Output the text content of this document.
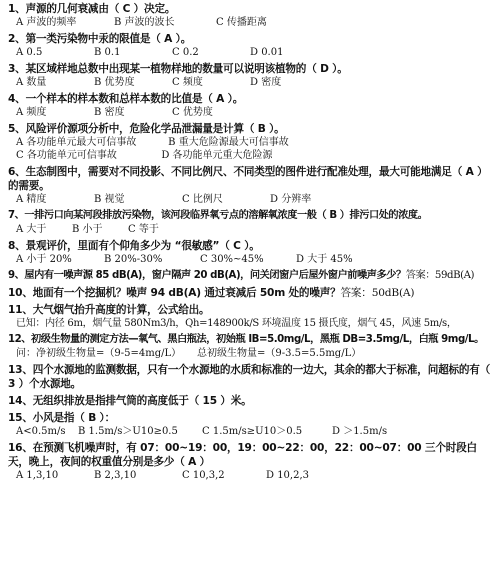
1、声源的几何衰减由（ C ）决定。
A 声波的频率	B 声波的波长	C 传播距离
2、第一类污染物中汞的限值是（ A ）。
A 0.5	B 0.1	C 0.2	D 0.01
3、某区域样地总数中出现某一植物样地的数量可以说明该植物的（ D ）。
A 数量	B 优势度	C 频度	D 密度
4、一个样本的样本数和总样本数的比值是（ A ）。
A 频度	B 密度	C 优势度
5、风险评价源项分析中，危险化学品泄漏量是计算（ B ）。
A 各功能单元最大可信事故          B 重大危险源最大可信事故
C 各功能单元可信事故              D 各功能单元重大危险源
6、生态制图中，需要对不同投影、不同比例尺、不同类型的图件进行配准处理，最大可能地满足（ A ）的需要。
A 精度	B 视觉	C 比例尺	D 分辨率
7、一排污口向某河段排放污染物，该河段临界氧亏点的溶解氧浓度一般（ B ）排污口处的浓度。
A 大于	B 小于	C 等于
8、景观评价，里面有个仰角多少为 “很敏感”（ C ）。
A 小于 20%	B 20%-30%	C 30%~45%	D 大于 45%
9、屋内有一噪声源 85 dB(A)，窗户隔声 20 dB(A)，问关闭窗户后屋外窗户前噪声多少？答案：59dB(A)
10、地面有一个挖掘机？噪声 94 dB(A) 通过衰减后 50m 处的噪声？答案：50dB(A)
11、大气烟气抬升高度的计算，公式给出。
已知：内径 6m，烟气量 580Nm3/h，Qh=148900k/S 环境温度 15 摄氏度，烟气 45，风速 5m/s，
12、初级生物量的测定方法—氧气、黑白瓶法，初始瓶 IB=5.0mg/L，黑瓶 DB=3.5mg/L，白瓶 9mg/L。
问：净初级生物量=（9-5=4mg/L）     总初级生物量=（9-3.5=5.5mg/L）
13、四个水源地的监测数据，只有一个水源地的水质和标准的一边大，其余的都大于标准，问超标的有（ 3 ）个水源地。
14、无组织排放是指排气筒的高度低于（ 15 ）米。
15、小风是指（ B ）：
A<0.5m/s	B 1.5m/s＞U10≥0.5	C 1.5m/s≥U10＞0.5	D ＞1.5m/s
16、在预测飞机噪声时，有 07：00~19：00，19：00~22：00，22：00~07：00 三个时段白天，晚上，夜间的权重值分别是多少（ A ）
A 1,3,10	B 2,3,10	C 10,3,2	D 10,2,3
